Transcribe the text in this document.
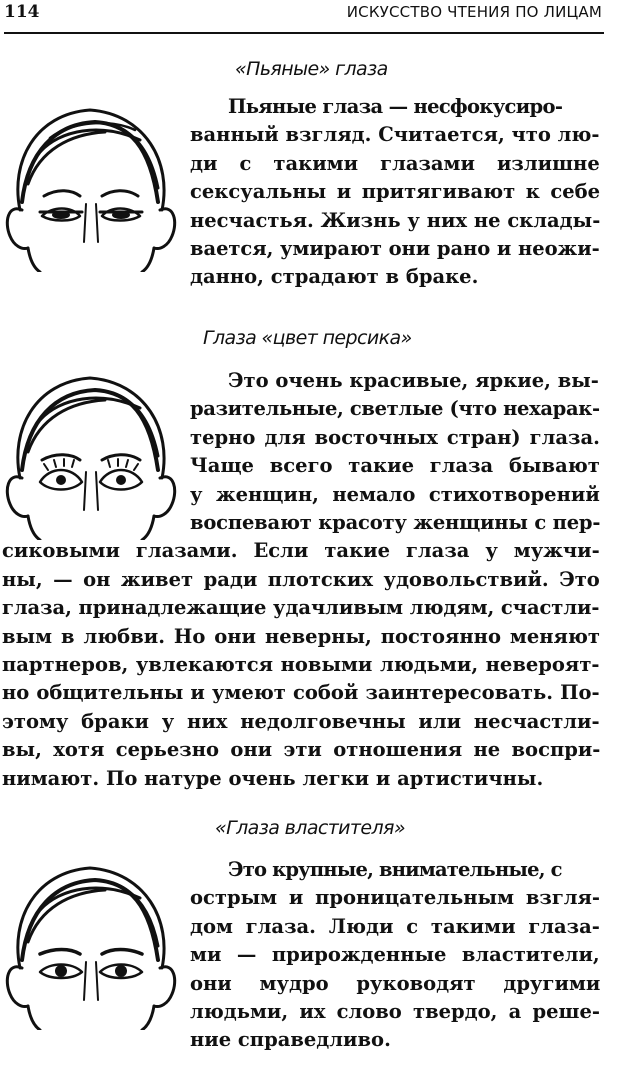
114	ИСКУССТВО ЧТЕНИЯ ПО ЛИЦАМ
«Пьяные» глаза
Пьяные глаза — несфокусиро-
ванный взгляд. Считается, что лю-
ди с такими глазами излишне
сексуальны и притягивают к себе
несчастья. Жизнь у них не склады-
вается, умирают они рано и неожи-
данно, страдают в браке.
Глаза «цвет персика»
Это очень красивые, яркие, вы-
разительные, светлые (что нехарак-
терно для восточных стран) глаза.
Чаще всего такие глаза бывают
у женщин, немало стихотворений
воспевают красоту женщины с пер-
сиковыми глазами. Если такие глаза у мужчи-
ны, — он живет ради плотских удовольствий. Это
глаза, принадлежащие удачливым людям, счастли-
вым в любви. Но они неверны, постоянно меняют
партнеров, увлекаются новыми людьми, невероят-
но общительны и умеют собой заинтересовать. По-
этому браки у них недолговечны или несчастли-
вы, хотя серьезно они эти отношения не воспри-
нимают. По натуре очень легки и артистичны.
«Глаза властителя»
Это крупные, внимательные, с
острым и проницательным взгля-
дом глаза. Люди с такими глаза-
ми — прирожденные властители,
они мудро руководят другими
людьми, их слово твердо, а реше-
ние справедливо.
